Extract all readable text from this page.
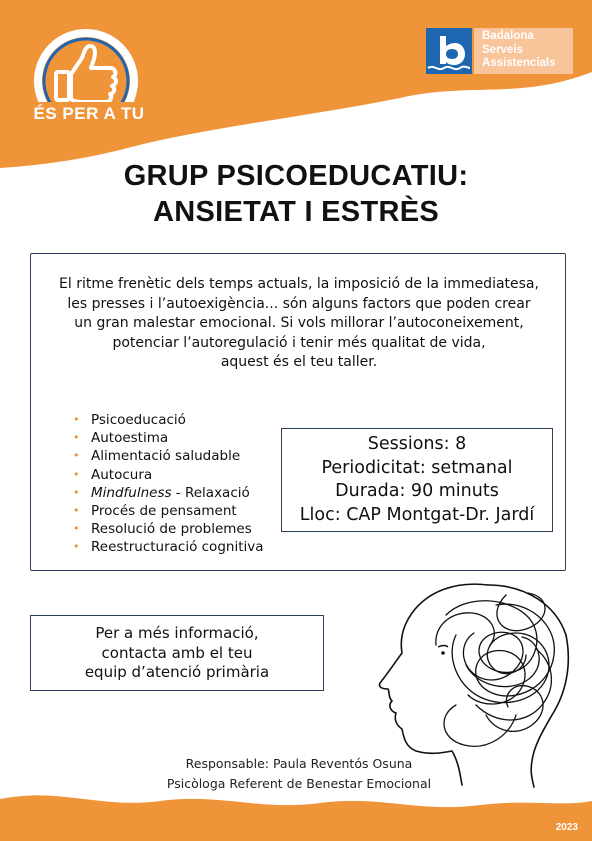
ÉS PER A TU
Badalona
Serveis
Assistencials
GRUP PSICOEDUCATIU:
ANSIETAT I ESTRÈS
El ritme frenètic dels temps actuals, la imposició de la immediatesa,
les presses i l’autoexigència... són alguns factors que poden crear
un gran malestar emocional. Si vols millorar l’autoconeixement,
potenciar l’autoregulació i tenir més qualitat de vida,
aquest és el teu taller.
• Psicoeducació
• Autoestima
• Alimentació saludable
• Autocura
• Mindfulness - Relaxació
• Procés de pensament
• Resolució de problemes
• Reestructuració cognitiva
Sessions: 8
Periodicitat: setmanal
Durada: 90 minuts
Lloc: CAP Montgat-Dr. Jardí
Per a més informació,
contacta amb el teu
equip d’atenció primària
Responsable: Paula Reventós Osuna
Psicòloga Referent de Benestar Emocional
2023
